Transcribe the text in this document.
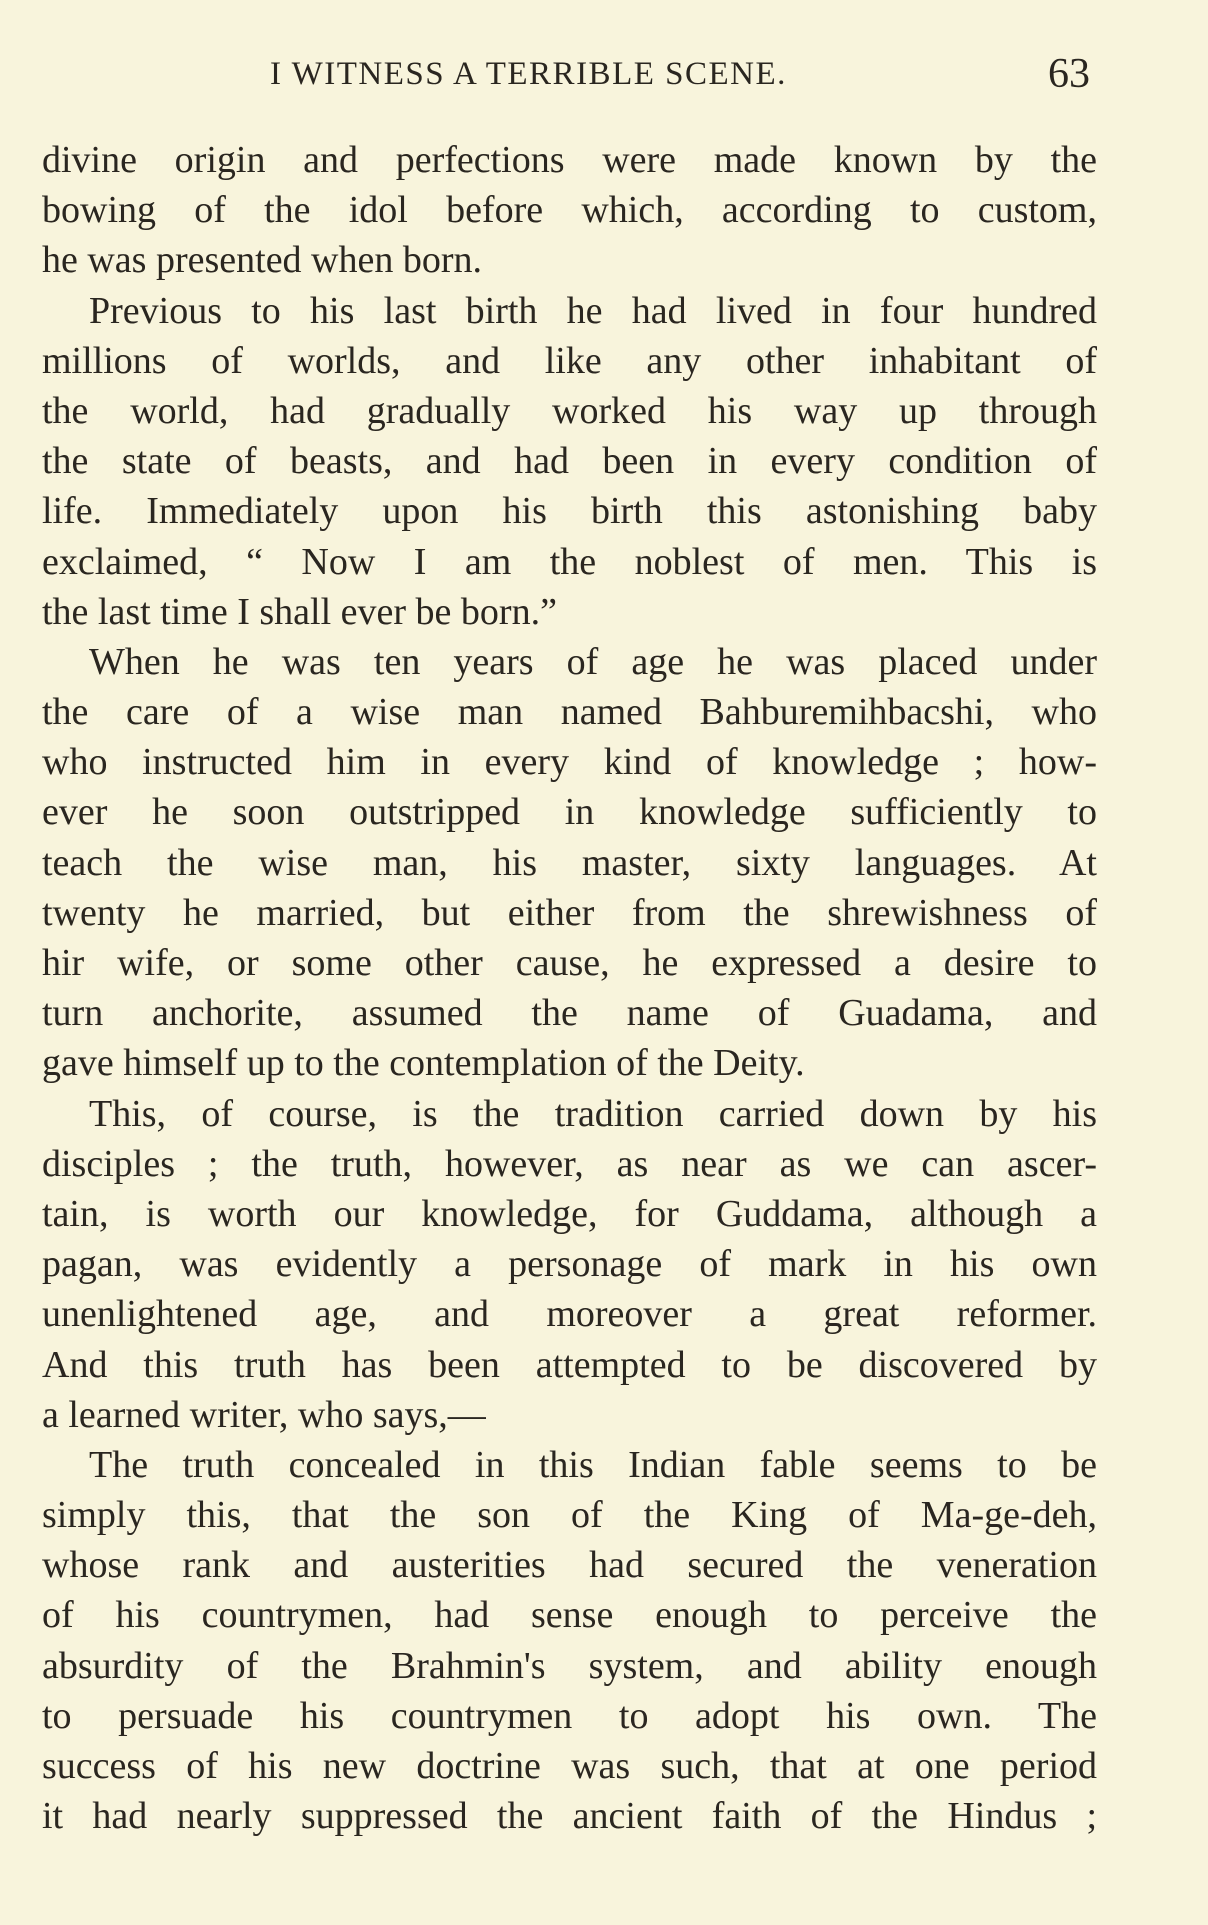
I WITNESS A TERRIBLE SCENE.	63
divine origin and perfections were made known by the
bowing of the idol before which, according to custom,
he was presented when born.
Previous to his last birth he had lived in four hundred
millions of worlds, and like any other inhabitant of
the world, had gradually worked his way up through
the state of beasts, and had been in every condition of
life. Immediately upon his birth this astonishing baby
exclaimed, “ Now I am the noblest of men. This is
the last time I shall ever be born.”
When he was ten years of age he was placed under
the care of a wise man named Bahburemihbacshi, who
who instructed him in every kind of knowledge ; how-
ever he soon outstripped in knowledge sufficiently to
teach the wise man, his master, sixty languages. At
twenty he married, but either from the shrewishness of
hir wife, or some other cause, he expressed a desire to
turn anchorite, assumed the name of Guadama, and
gave himself up to the contemplation of the Deity.
This, of course, is the tradition carried down by his
disciples ; the truth, however, as near as we can ascer-
tain, is worth our knowledge, for Guddama, although a
pagan, was evidently a personage of mark in his own
unenlightened age, and moreover a great reformer.
And this truth has been attempted to be discovered by
a learned writer, who says,—
The truth concealed in this Indian fable seems to be
simply this, that the son of the King of Ma-ge-deh,
whose rank and austerities had secured the veneration
of his countrymen, had sense enough to perceive the
absurdity of the Brahmin's system, and ability enough
to persuade his countrymen to adopt his own. The
success of his new doctrine was such, that at one period
it had nearly suppressed the ancient faith of the Hindus ;
